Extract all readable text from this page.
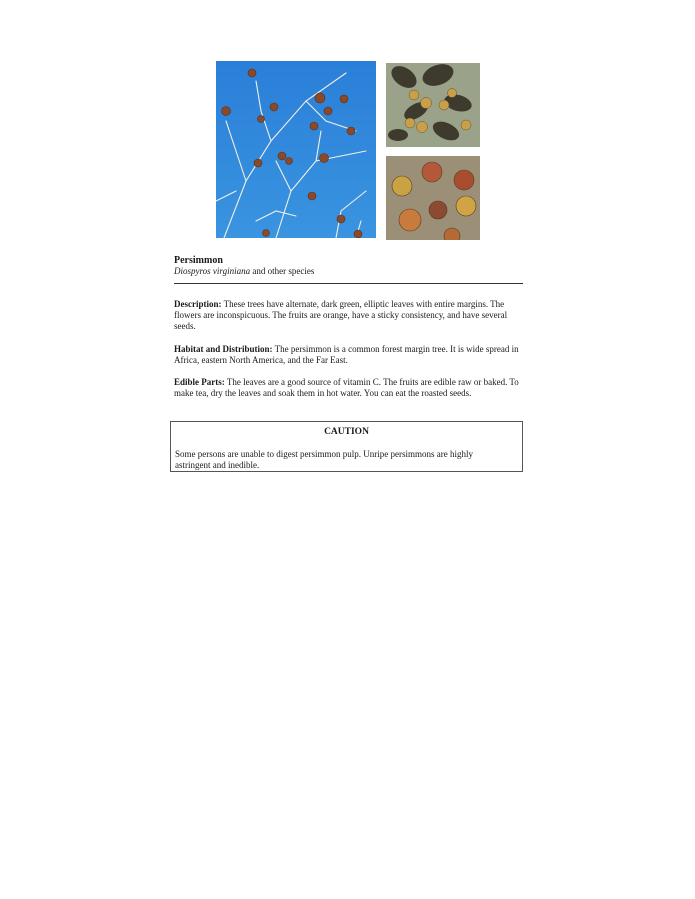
Persimmon
Diospyros virginiana and other species
Description: These trees have alternate, dark green, elliptic leaves with entire margins. The flowers are inconspicuous. The fruits are orange, have a sticky consistency, and have several seeds.
Habitat and Distribution: The persimmon is a common forest margin tree. It is wide spread in Africa, eastern North America, and the Far East.
Edible Parts: The leaves are a good source of vitamin C. The fruits are edible raw or baked. To make tea, dry the leaves and soak them in hot water. You can eat the roasted seeds.
CAUTION
Some persons are unable to digest persimmon pulp. Unripe persimmons are highly astringent and inedible.
